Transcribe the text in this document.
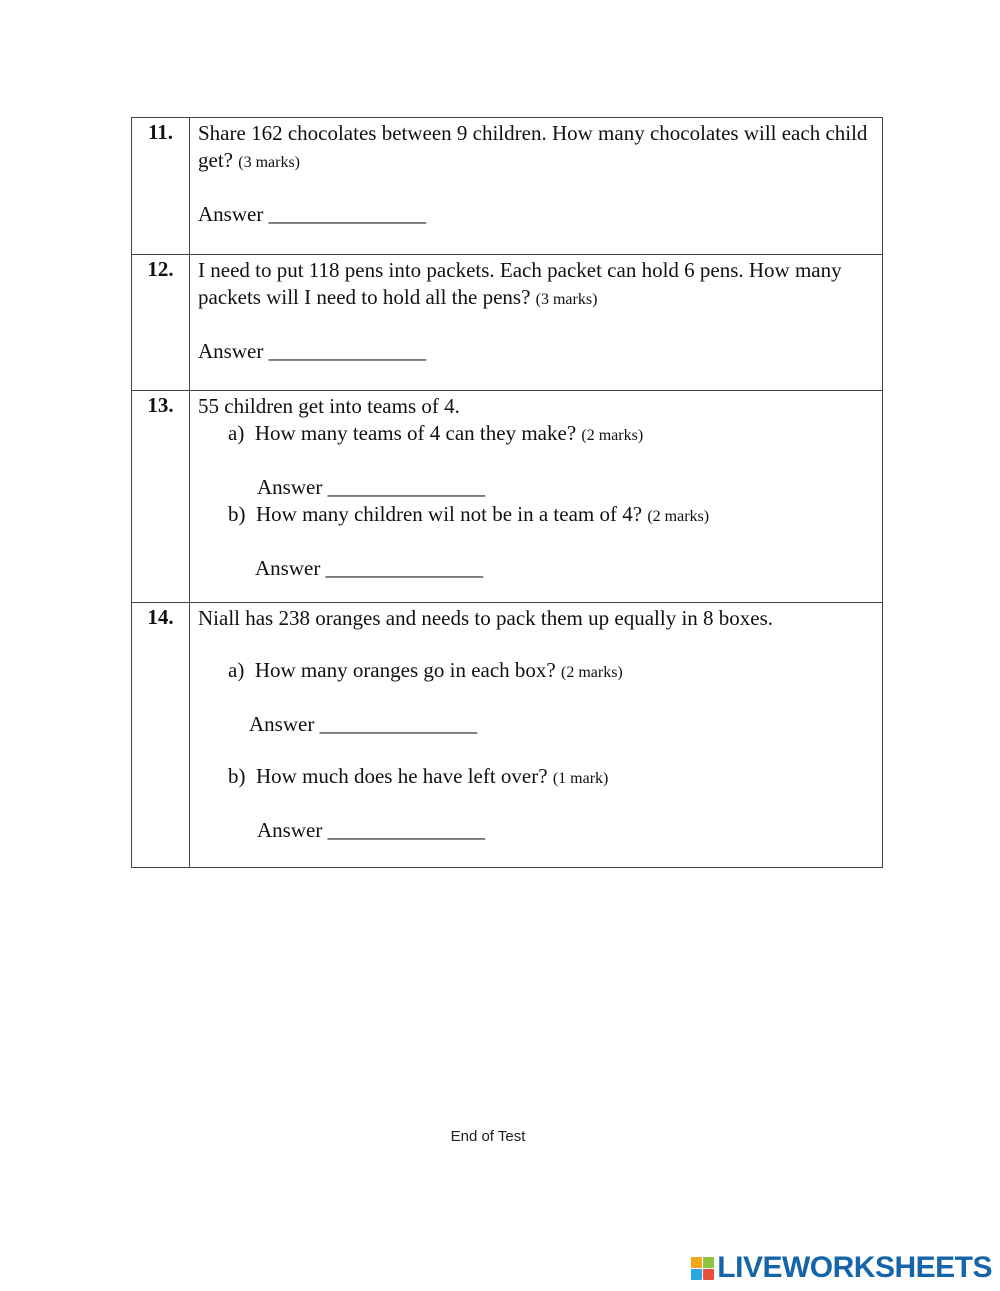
11.	Share 162 chocolates between 9 children. How many chocolates will each child get? (3 marks)
Answer _______________

12.	I need to put 118 pens into packets. Each packet can hold 6 pens. How many packets will I need to hold all the pens? (3 marks)
Answer _______________

13.	55 children get into teams of 4.
a) How many teams of 4 can they make? (2 marks)
Answer _______________
b) How many children wil not be in a team of 4? (2 marks)
Answer _______________

14.	Niall has 238 oranges and needs to pack them up equally in 8 boxes.
a) How many oranges go in each box? (2 marks)
Answer _______________
b) How much does he have left over? (1 mark)
Answer _______________
End of Test
LIVEWORKSHEETS
